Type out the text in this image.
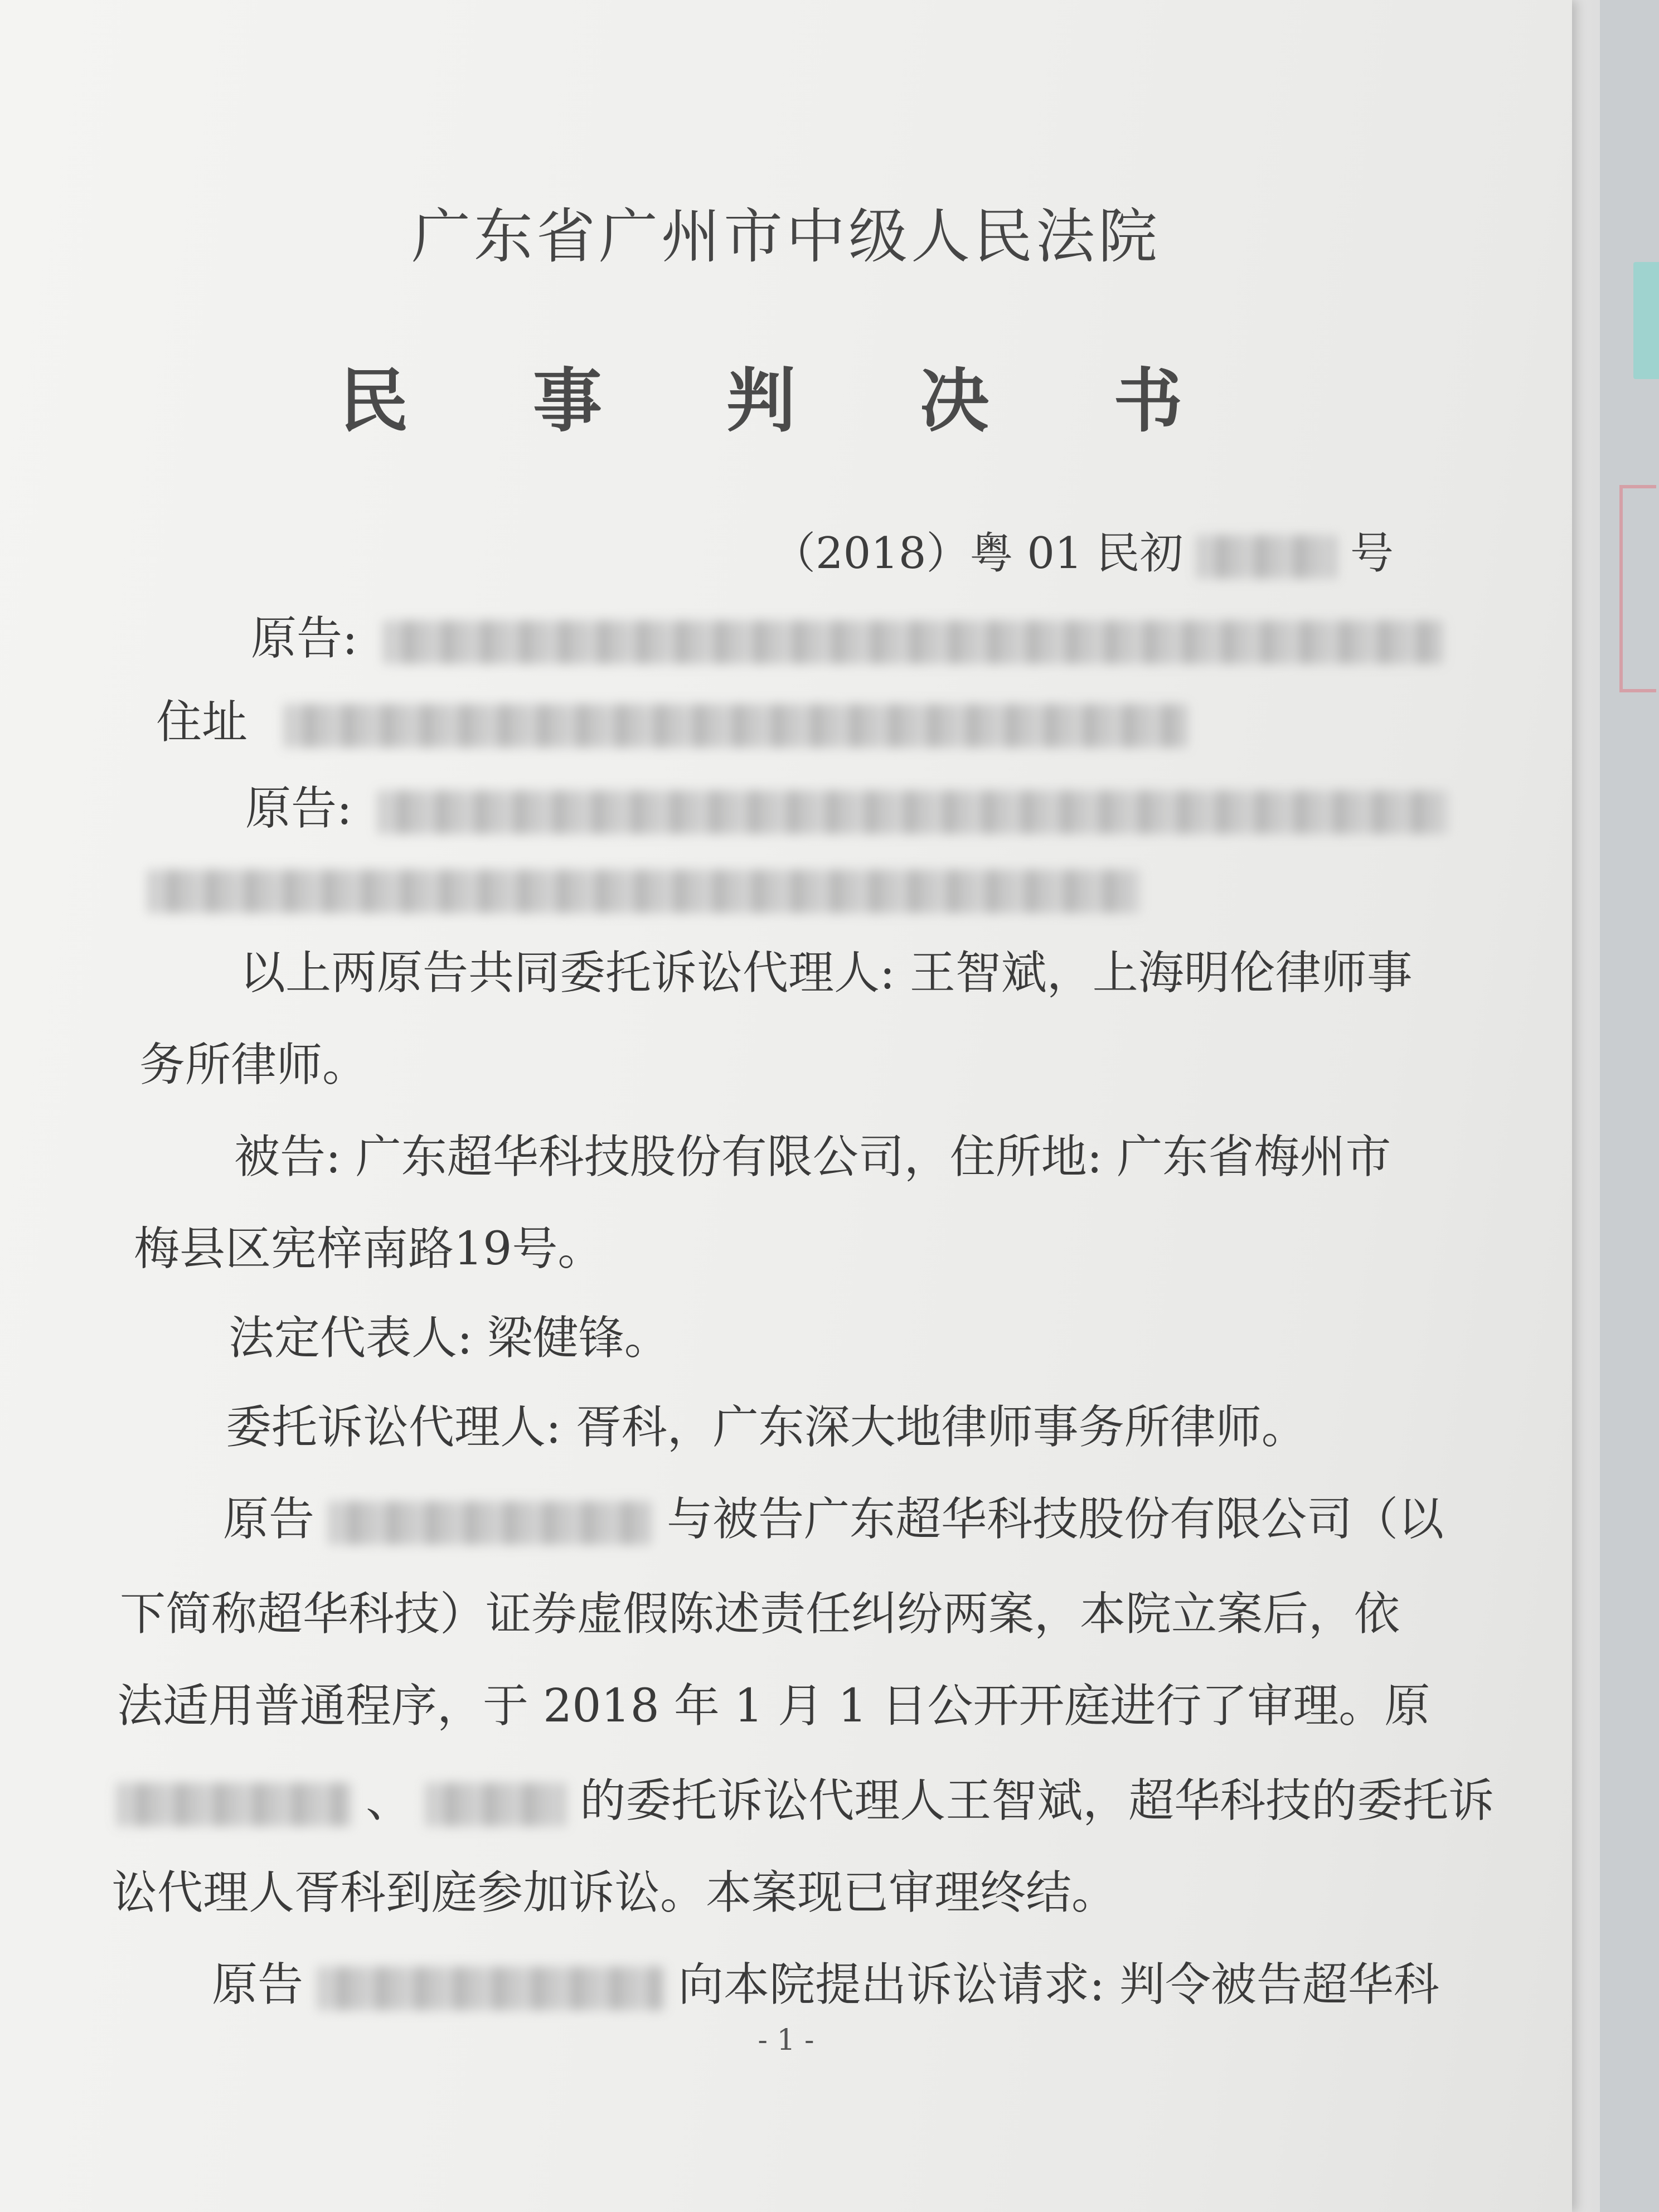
广东省广州市中级人民法院
民 事 判 决 书
（2018）粤 01 民初	号
原告:
住址
原告:
以上两原告共同委托诉讼代理人: 王智斌，上海明伦律师事
务所律师。
被告: 广东超华科技股份有限公司，住所地: 广东省梅州市
梅县区宪梓南路19号。
法定代表人: 梁健锋。
委托诉讼代理人: 胥科，广东深大地律师事务所律师。
原告	与被告广东超华科技股份有限公司（以
下简称超华科技）证券虚假陈述责任纠纷两案，本院立案后，依
法适用普通程序，于 2018 年 1 月 1 日公开开庭进行了审理。原
、	的委托诉讼代理人王智斌，超华科技的委托诉
讼代理人胥科到庭参加诉讼。本案现已审理终结。
原告	向本院提出诉讼请求: 判令被告超华科
- 1 -
